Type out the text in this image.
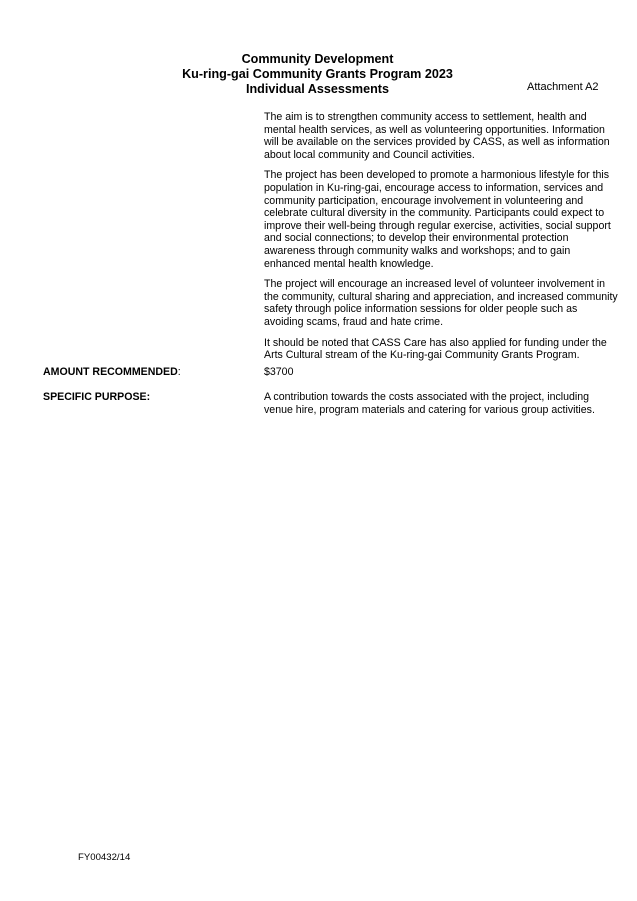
Community Development
Ku-ring-gai Community Grants Program 2023
Individual Assessments	Attachment A2

The aim is to strengthen community access to settlement, health and mental health services, as well as volunteering opportunities. Information will be available on the services provided by CASS, as well as information about local community and Council activities.

The project has been developed to promote a harmonious lifestyle for this population in Ku-ring-gai, encourage access to information, services and community participation, encourage involvement in volunteering and celebrate cultural diversity in the community. Participants could expect to improve their well-being through regular exercise, activities, social support and social connections; to develop their environmental protection awareness through community walks and workshops; and to gain enhanced mental health knowledge.

The project will encourage an increased level of volunteer involvement in the community, cultural sharing and appreciation, and increased community safety through police information sessions for older people such as avoiding scams, fraud and hate crime.

It should be noted that CASS Care has also applied for funding under the Arts Cultural stream of the Ku-ring-gai Community Grants Program.

AMOUNT RECOMMENDED:	$3700
SPECIFIC PURPOSE:	A contribution towards the costs associated with the project, including venue hire, program materials and catering for various group activities.
FY00432/14
